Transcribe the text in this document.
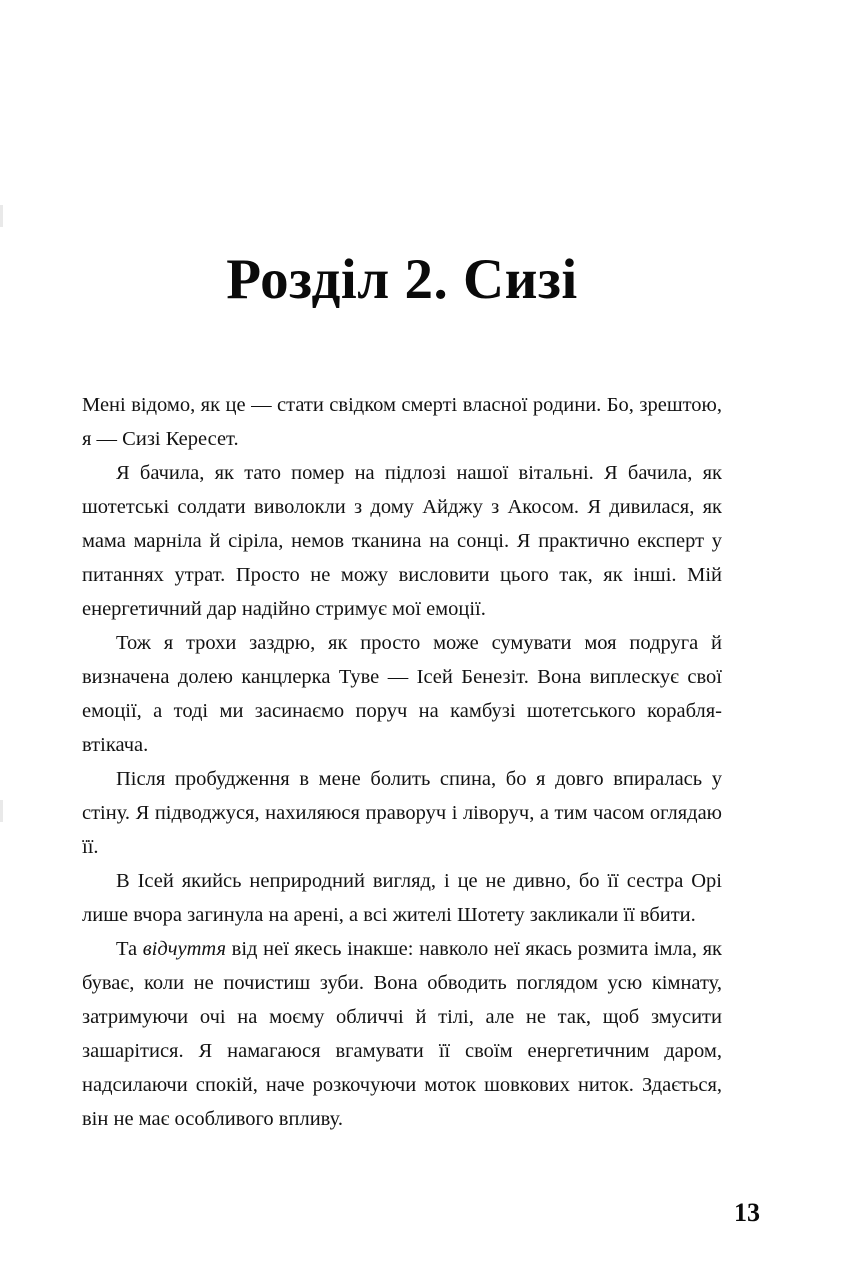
Розділ 2. Сизі

Мені відомо, як це — стати свідком смерті власної родини. Бо, зрештою, я — Сизі Кересет.

Я бачила, як тато помер на підлозі нашої вітальні. Я бачила, як шотетські солдати виволокли з дому Айджу з Акосом. Я дивилася, як мама марніла й сіріла, немов тканина на сонці. Я практично експерт у питаннях утрат. Просто не можу висловити цього так, як інші. Мій енергетичний дар надійно стримує мої емоції.

Тож я трохи заздрю, як просто може сумувати моя подруга й визначена долею канцлерка Туве — Ісей Бенезіт. Вона виплескує свої емоції, а тоді ми засинаємо поруч на камбузі шотетського корабля-втікача.

Після пробудження в мене болить спина, бо я довго впиралась у стіну. Я підводжуся, нахиляюся праворуч і ліворуч, а тим часом оглядаю її.

В Ісей якийсь неприродний вигляд, і це не дивно, бо її сестра Орі лише вчора загинула на арені, а всі жителі Шотету закликали її вбити.

Та відчуття від неї якесь інакше: навколо неї якась розмита імла, як буває, коли не почистиш зуби. Вона обводить поглядом усю кімнату, затримуючи очі на моєму обличчі й тілі, але не так, щоб змусити зашарітися. Я намагаюся вгамувати її своїм енергетичним даром, надсилаючи спокій, наче розкочуючи моток шовкових ниток. Здається, він не має особливого впливу.

13
